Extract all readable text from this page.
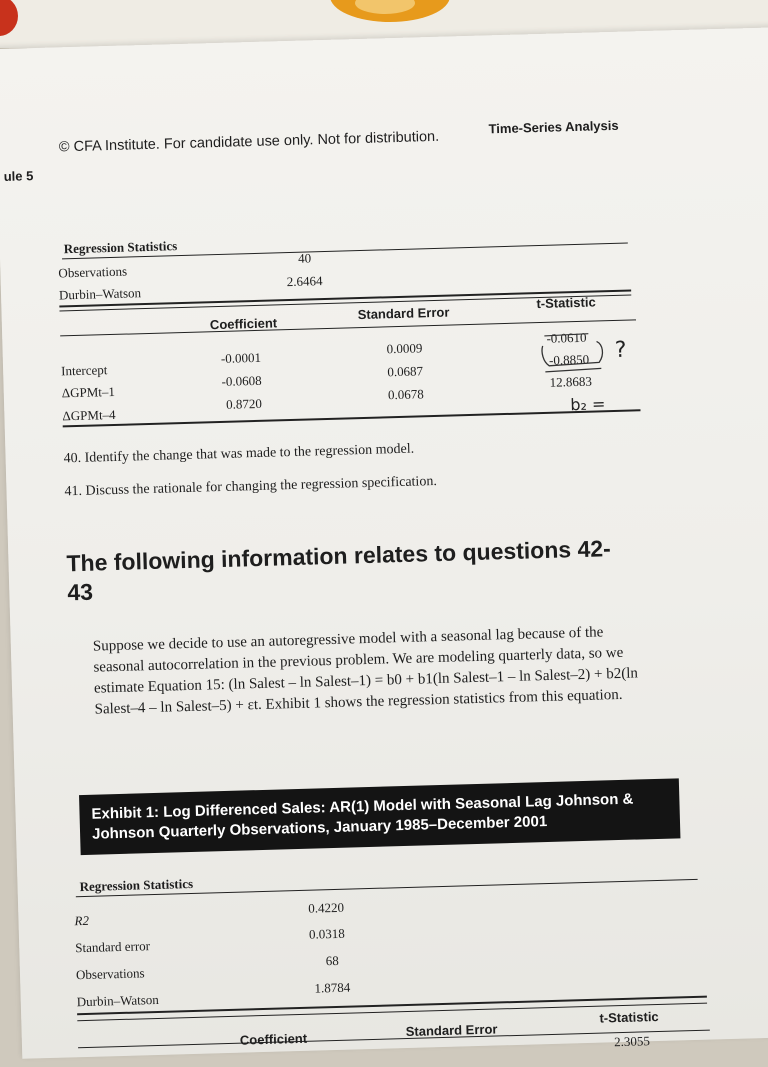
ule 5
© CFA Institute. For candidate use only. Not for distribution.
Time-Series Analysis
Regression Statistics
Observations
40
Durbin–Watson
2.6464
Coefficient
Standard Error
t-Statistic
Intercept
-0.0001
0.0009
-0.0610
ΔGPMt–1
-0.0608
0.0687
-0.8850
ΔGPMt–4
0.8720
0.0678
12.8683
?
b₂ =
40. Identify the change that was made to the regression model.
41. Discuss the rationale for changing the regression specification.
The following information relates to questions 42-43
Suppose we decide to use an autoregressive model with a seasonal lag because of the seasonal autocorrelation in the previous problem. We are modeling quarterly data, so we estimate Equation 15: (ln Salest – ln Salest–1) = b0 + b1(ln Salest–1 – ln Salest–2) + b2(ln Salest–4 – ln Salest–5) + εt. Exhibit 1 shows the regression statistics from this equation.
Exhibit 1: Log Differenced Sales: AR(1) Model with Seasonal Lag Johnson & Johnson Quarterly Observations, January 1985–December 2001
Regression Statistics
R2
0.4220
Standard error
0.0318
Observations
68
Durbin–Watson
1.8784
Coefficient
Standard Error
t-Statistic
2.3055
